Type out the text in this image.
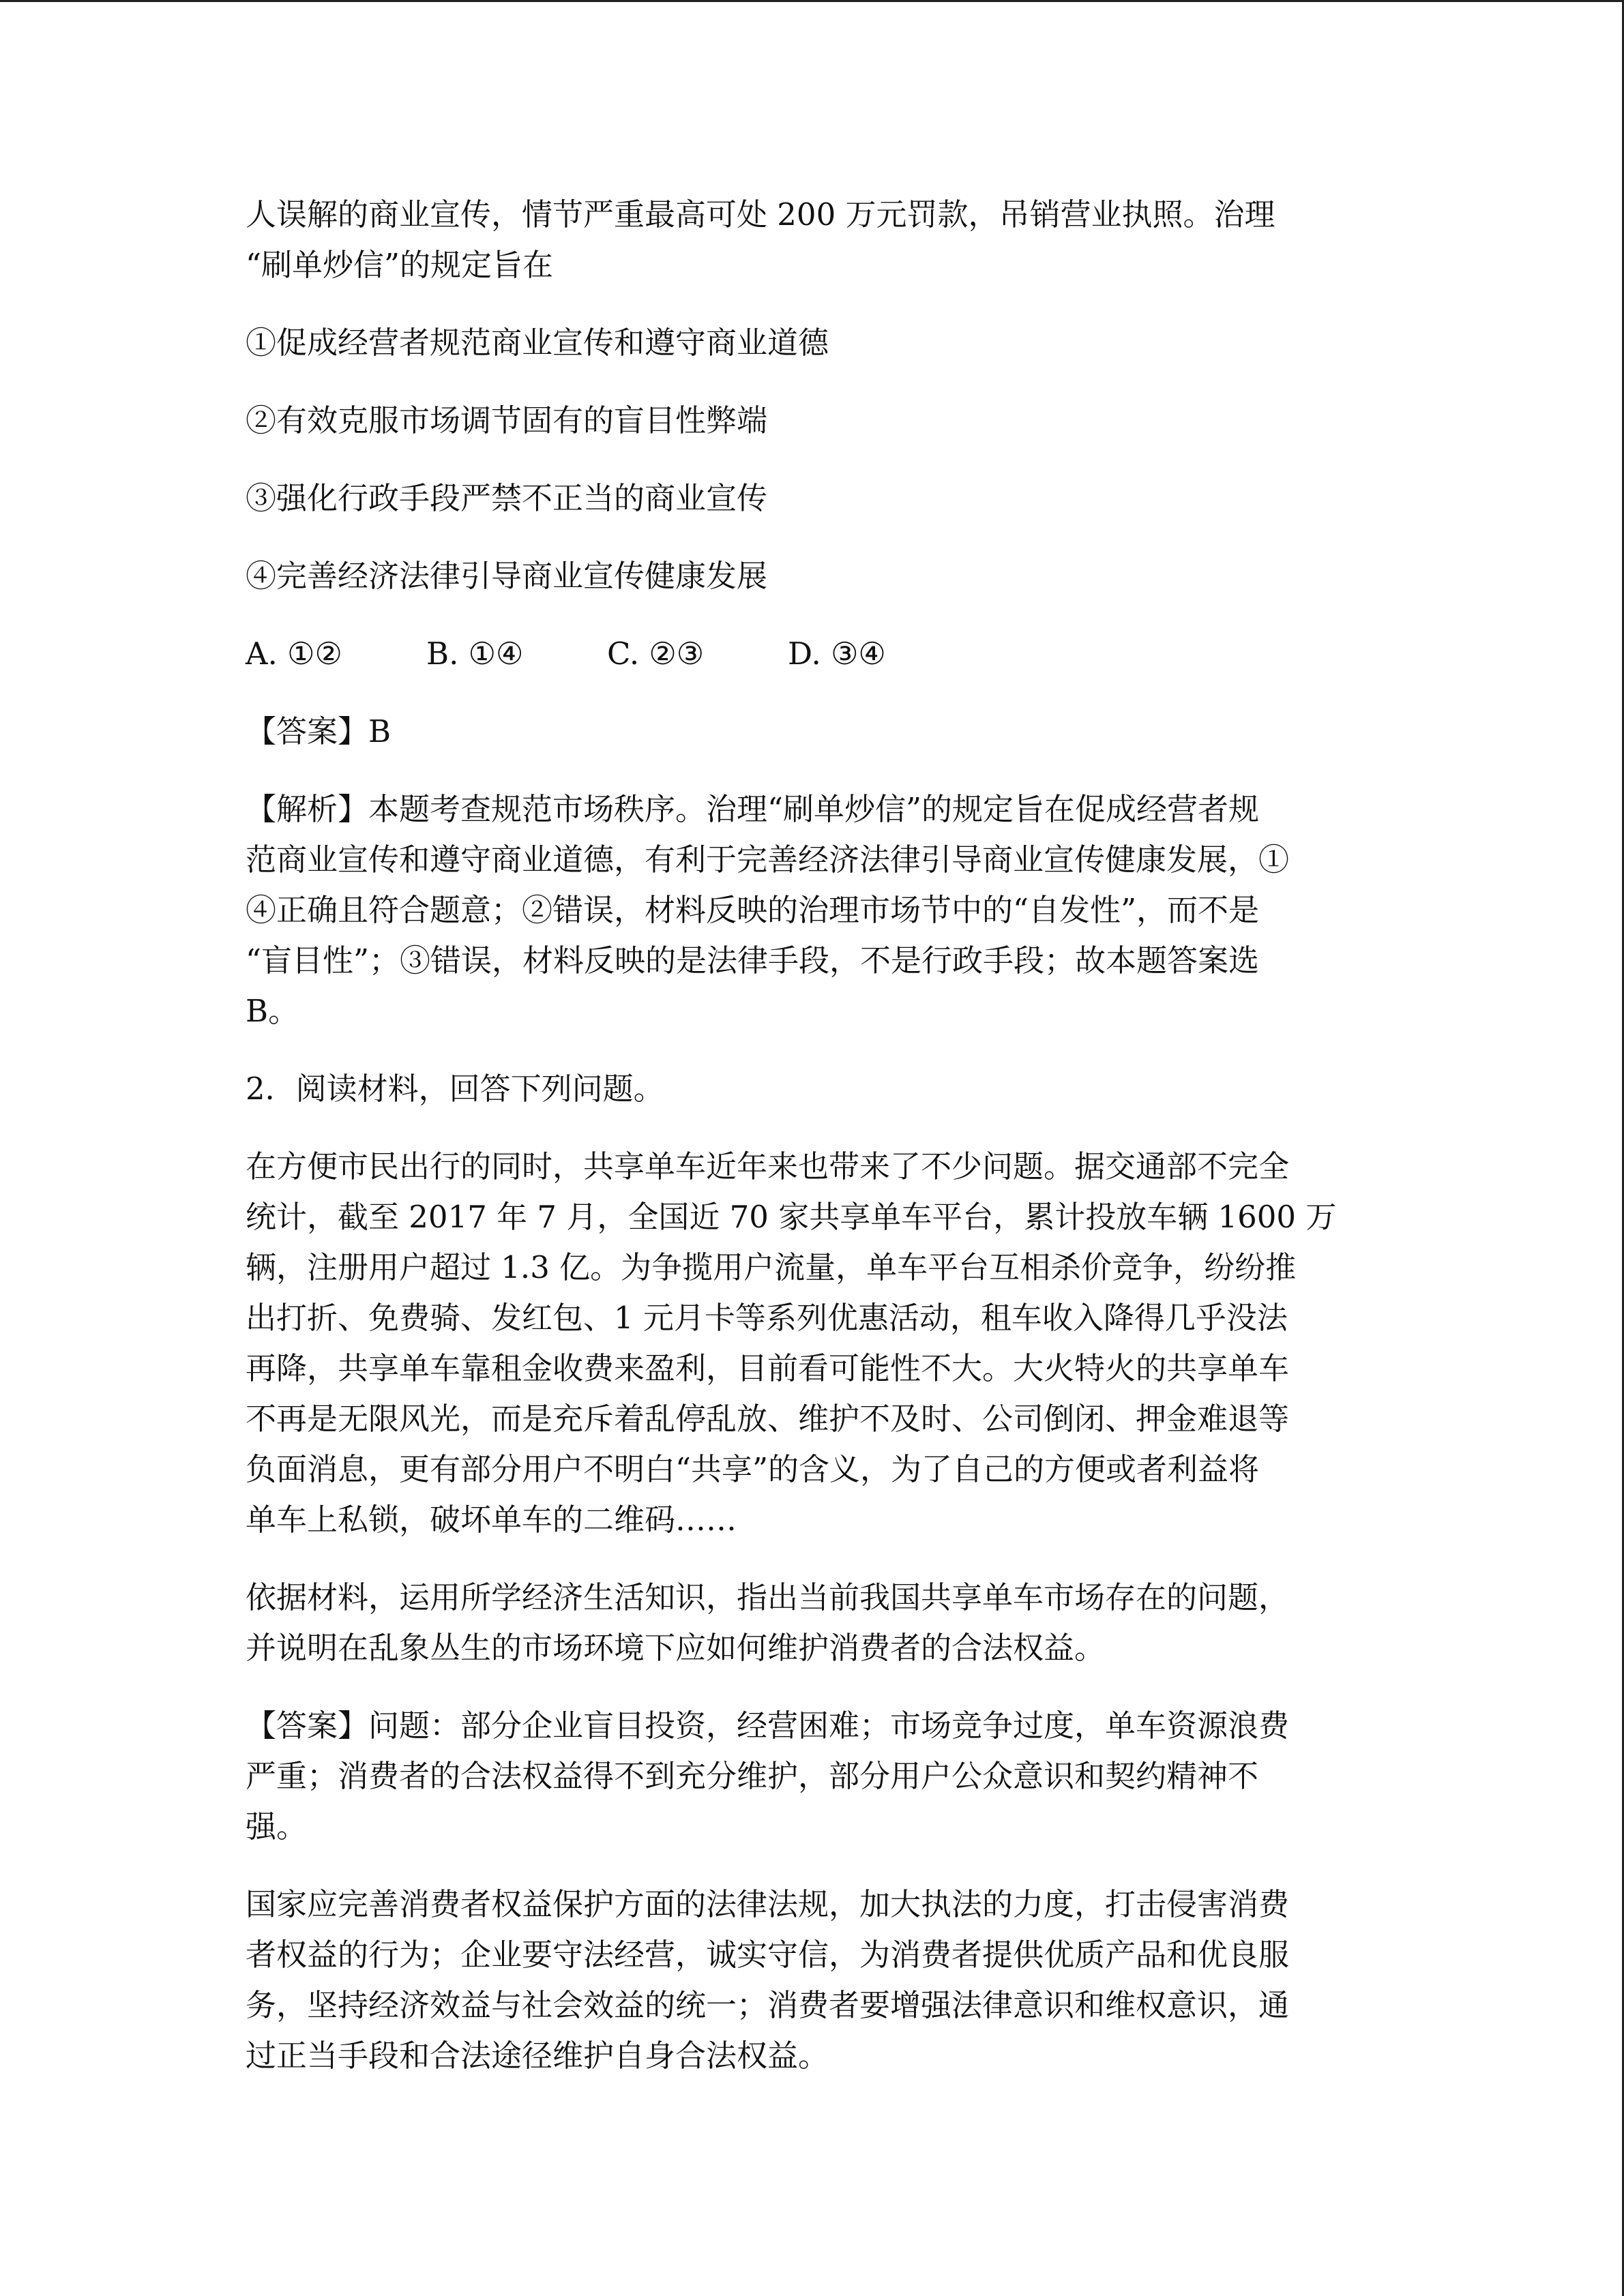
人误解的商业宣传，情节严重最高可处 200 万元罚款，吊销营业执照。治理
“刷单炒信”的规定旨在
①促成经营者规范商业宣传和遵守商业道德
②有效克服市场调节固有的盲目性弊端
③强化行政手段严禁不正当的商业宣传
④完善经济法律引导商业宣传健康发展
A. ①②	B. ①④	C. ②③	D. ③④
【答案】B
【解析】本题考查规范市场秩序。治理“刷单炒信”的规定旨在促成经营者规
范商业宣传和遵守商业道德，有利于完善经济法律引导商业宣传健康发展，①
④正确且符合题意；②错误，材料反映的治理市场节中的“自发性”，而不是
“盲目性”；③错误，材料反映的是法律手段，不是行政手段；故本题答案选
B。
2．阅读材料，回答下列问题。
在方便市民出行的同时，共享单车近年来也带来了不少问题。据交通部不完全
统计，截至 2017 年 7 月，全国近 70 家共享单车平台，累计投放车辆 1600 万
辆，注册用户超过 1.3 亿。为争揽用户流量，单车平台互相杀价竞争，纷纷推
出打折、免费骑、发红包、1 元月卡等系列优惠活动，租车收入降得几乎没法
再降，共享单车靠租金收费来盈利，目前看可能性不大。大火特火的共享单车
不再是无限风光，而是充斥着乱停乱放、维护不及时、公司倒闭、押金难退等
负面消息，更有部分用户不明白“共享”的含义，为了自己的方便或者利益将
单车上私锁，破坏单车的二维码……
依据材料，运用所学经济生活知识，指出当前我国共享单车市场存在的问题，
并说明在乱象丛生的市场环境下应如何维护消费者的合法权益。
【答案】问题：部分企业盲目投资，经营困难；市场竞争过度，单车资源浪费
严重；消费者的合法权益得不到充分维护，部分用户公众意识和契约精神不
强。
国家应完善消费者权益保护方面的法律法规，加大执法的力度，打击侵害消费
者权益的行为；企业要守法经营，诚实守信，为消费者提供优质产品和优良服
务，坚持经济效益与社会效益的统一；消费者要增强法律意识和维权意识，通
过正当手段和合法途径维护自身合法权益。
